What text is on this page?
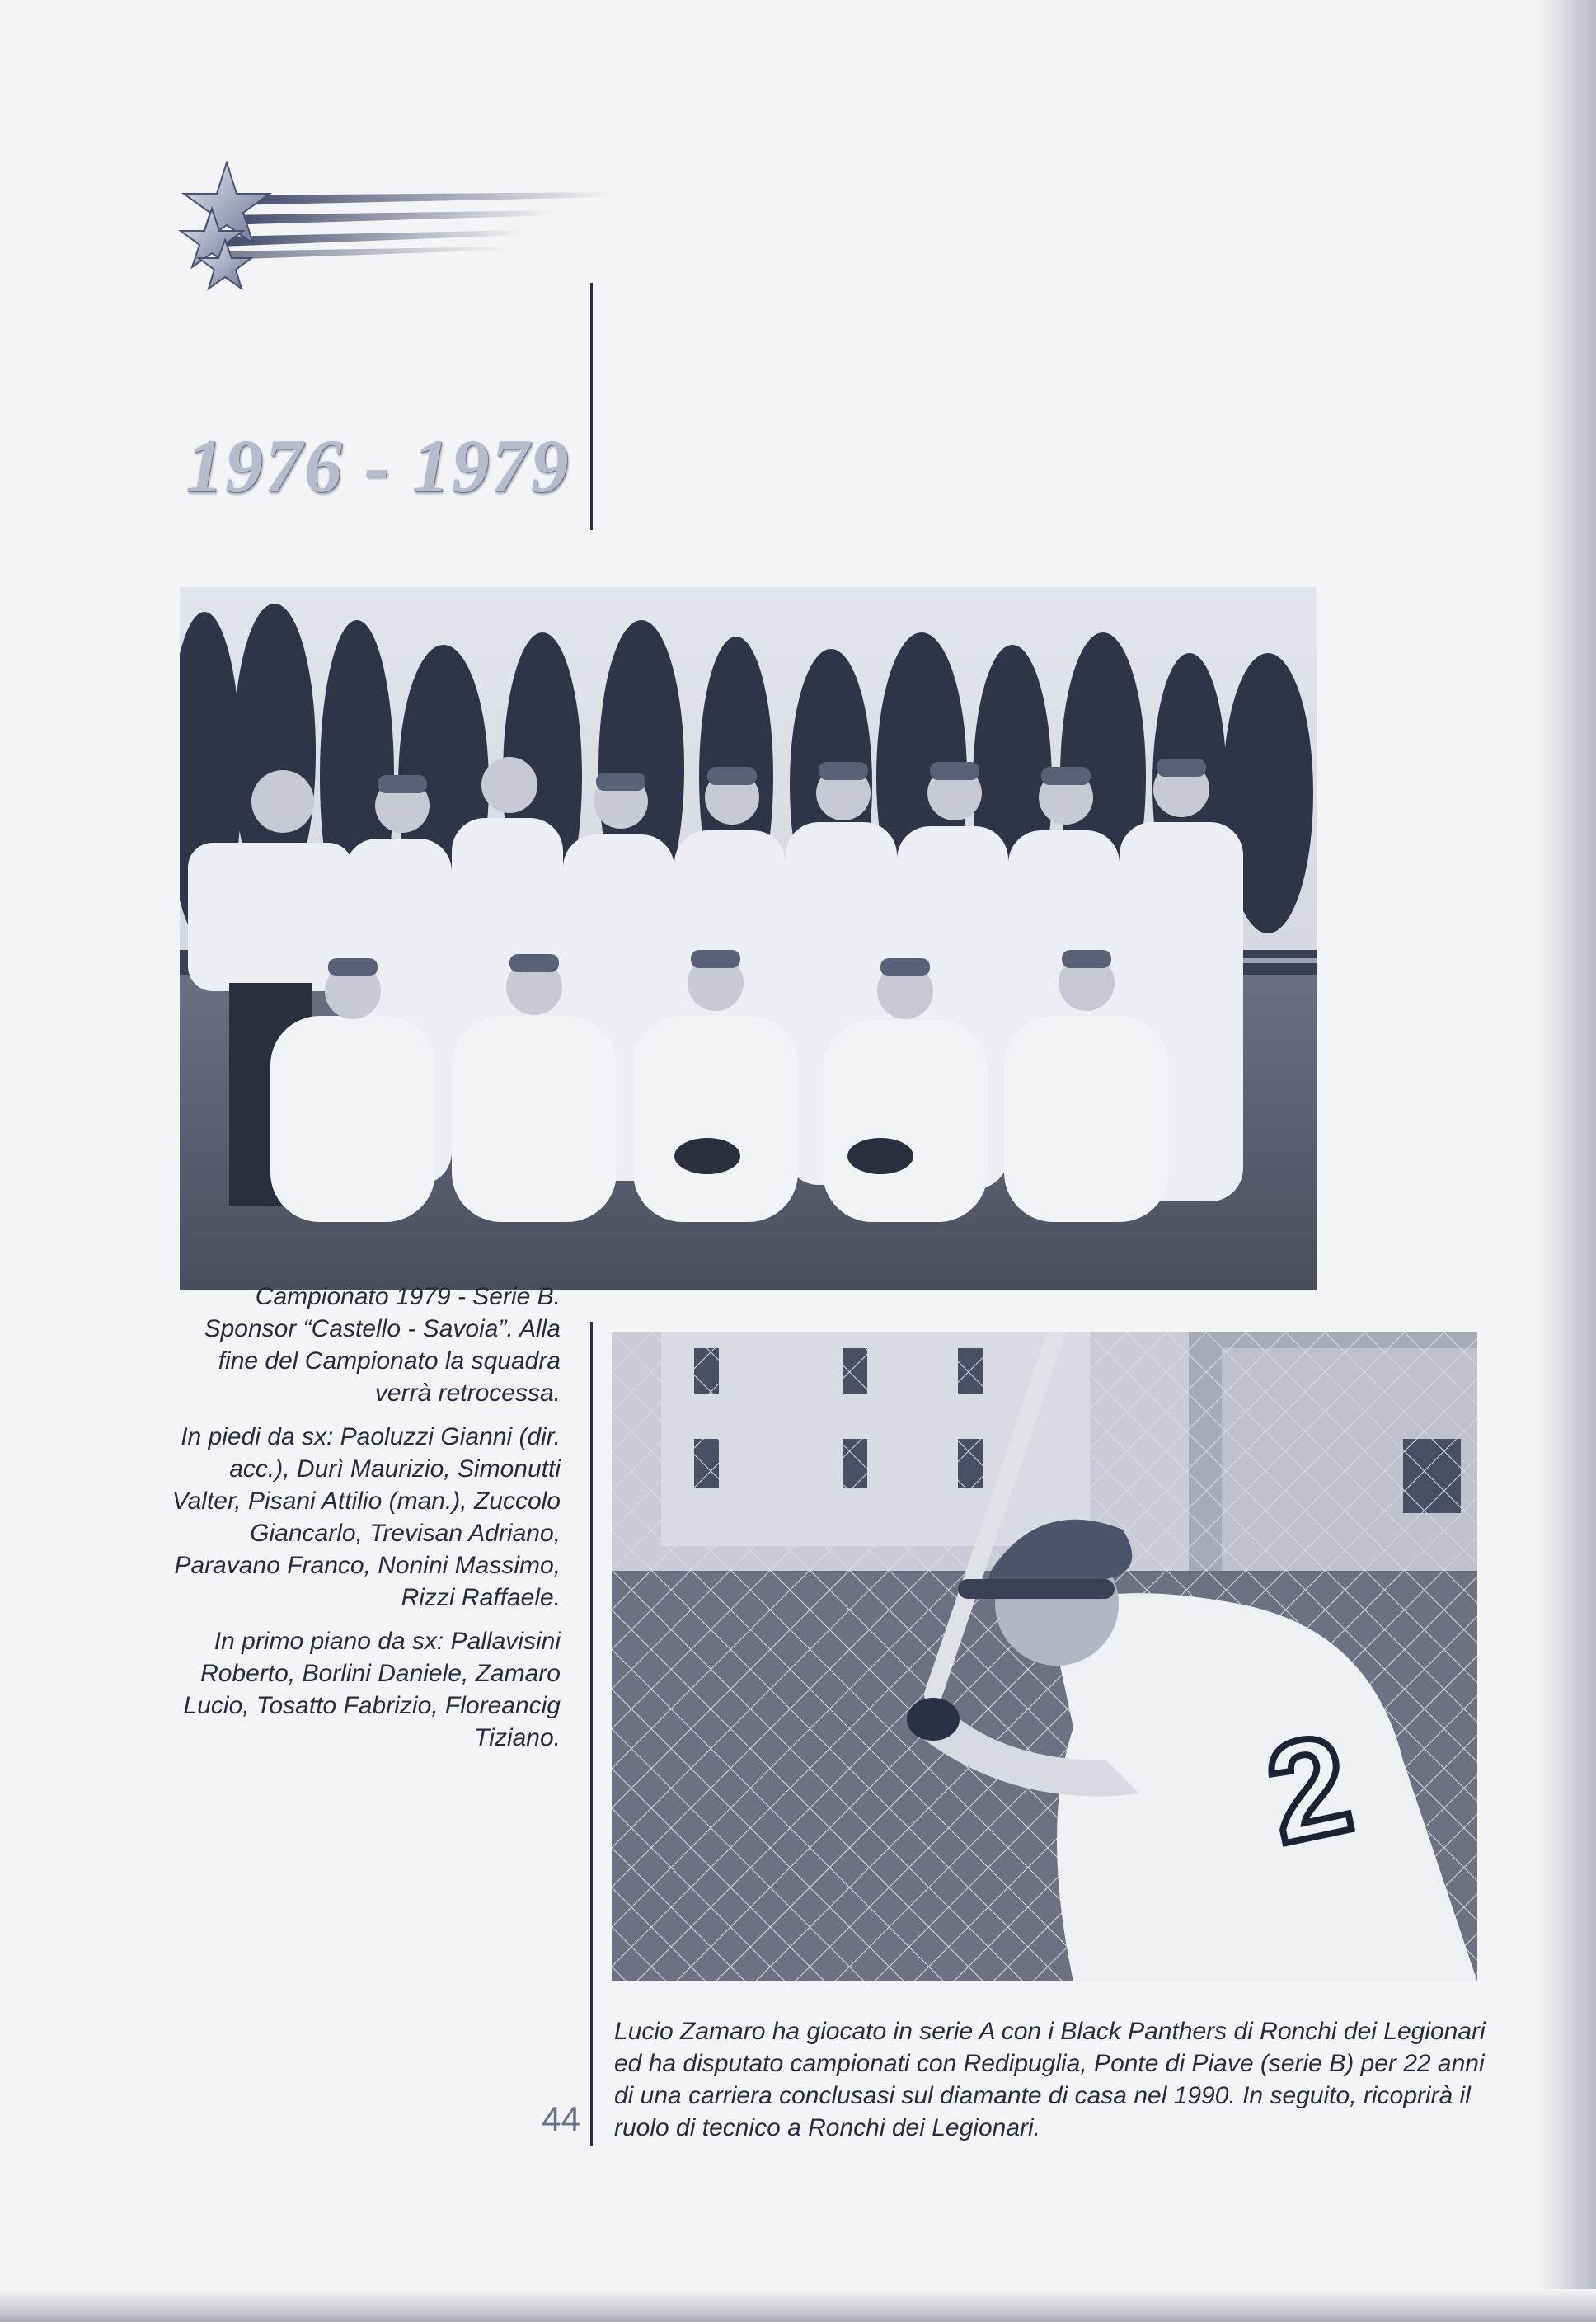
1976 - 1979

Campionato 1979 - Serie B. Sponsor “Castello - Savoia”. Alla fine del Campionato la squadra verrà retrocessa.

In piedi da sx: Paoluzzi Gianni (dir. acc.), Durì Maurizio, Simonutti Valter, Pisani Attilio (man.), Zuccolo Giancarlo, Trevisan Adriano, Paravano Franco, Nonini Massimo, Rizzi Raffaele.

In primo piano da sx: Pallavisini Roberto, Borlini Daniele, Zamaro Lucio, Tosatto Fabrizio, Floreancig Tiziano.	2

Lucio Zamaro ha giocato in serie A con i Black Panthers di Ronchi dei Legionari ed ha disputato campionati con Redipuglia, Ponte di Piave (serie B) per 22 anni di una carriera conclusasi sul diamante di casa nel 1990. In seguito, ricoprirà il ruolo di tecnico a Ronchi dei Legionari.

44
